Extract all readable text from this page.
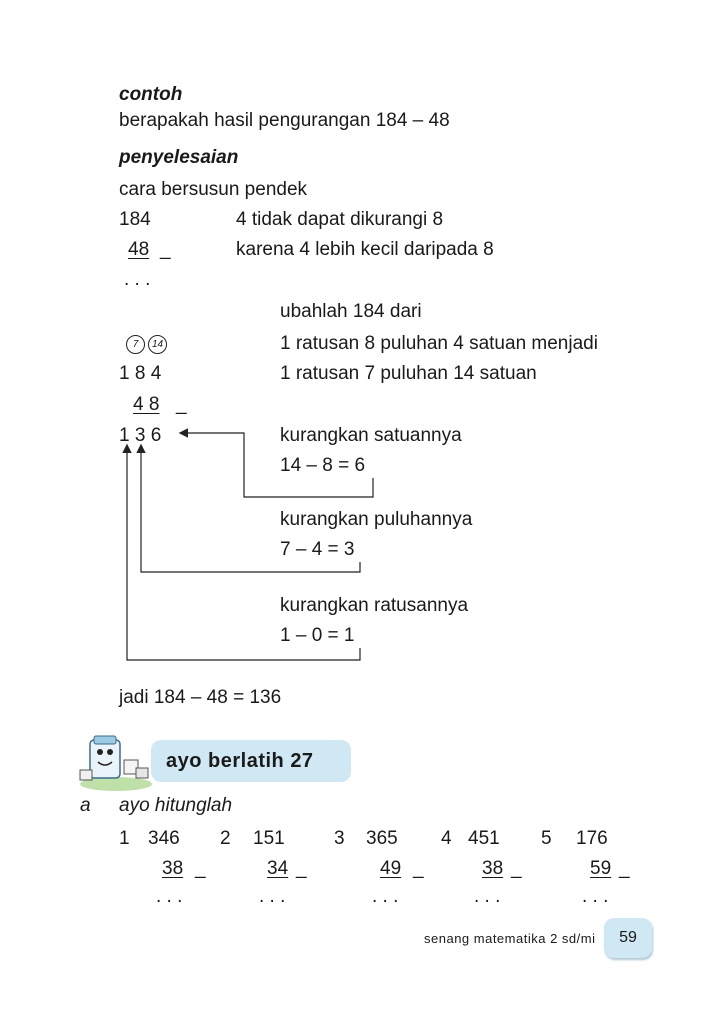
contoh
berapakah hasil pengurangan 184 – 48
penyelesaian
cara bersusun pendek
184	4 tidak dapat dikurangi 8
48 _	karena 4 lebih kecil daripada 8
. . .
ubahlah 184 dari
7	14	1 ratusan 8 puluhan 4 satuan menjadi
1 8 4	1 ratusan 7 puluhan 14 satuan
4 8 _
1 3 6	kurangkan satuannya
14 – 8 = 6
kurangkan puluhannya
7 – 4 = 3
kurangkan ratusannya
1 – 0 = 1
jadi 184 – 48 = 136
ayo berlatih 27
a ayo hitunglah
1 346
38 _
. . .
2 151
34 _
. . .
3 365
49 _
. . .
4 451
38 _
. . .
5 176
59 _
. . .
senang matematika 2 sd/mi	59
